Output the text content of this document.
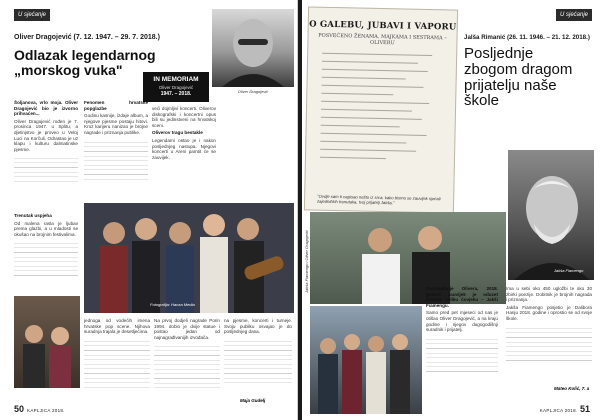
U sjećanje
Oliver Dragojević (7. 12. 1947. – 29. 7. 2018.)
Odlazak legendarnog
„morskog vuka"
Oliver Dragojević
IN MEMORIAM
Oliver Dragojević
1947. – 2018.

Šoljanova, vrlo moja. Oliver Dragojević bio je izvorno prihvaćen...

Oliver Dragojević rođen je 7. prosinca 1947. u Splitu, a djetinjstvo je proveo u Veloj Luci na Korčuli. Odrastao je uz klapu i kulturu dalmatinske pjesme.

Trenutak uspjeha

Od malena rasla je ljubav prema glazbi, a u mladosti se okušao na brojnim festivalima.

Fenomen hrvatske popglazbe

Godinu kasnije, izdaje album, a njegove pjesme postaju hitovi. Kroz karijeru nanizao je brojne nagrade i priznanja publike.

veći dojmljivi koncerti. Oliverov diskografski i koncertni opus bili su jedinstveni na hrvatskoj sceni.

Oliverov tragu bestakle

Legendarni ostao je i nakon posljednjeg nastupa. Njegovi koncerti u Areni pamtit će se zauvijek.

Fotografija: Hanza Media

jednoga od vodećih imena hrvatske pop scene. Njihova suradnja trajala je desetljećima.

Na prvoj dodjeli nagrade Porin 1994. dobio je dvije statue i postao jedan od najnagrađivanijih izvođača.

na pjesme, koncerti i turneje. Svoju publiku osvajao je do posljednjeg dana.

Maja Gudelj
50 KAPLJICA 2018.
O GALEBU, JUBAVI I VAPORU
POSVEĆENO ŽENAMA, MAJKAMA I SESTRAMA – OLIVERU
"Ovdje sam ti napisao nešto iz srca, kako bismo se zauvijek sjećali zajedničkih trenutaka, tvoj prijatelj Jakša."
U sjećanje
Jalša Rimanić (26. 11. 1946. – 21. 12. 2018.)
Posljednje
zbogom dragom
prijatelju naše
škole
Jakša Fiamengo
Jakša Fiamengo i Oliver Dragojević	Oslobađanje Olivera, 2018. godine zauvijek je oduzet jednom veliku čovjeku – Jakši Fiamengu.

Samo pred pet mjeseci od nas je otišao Oliver Dragojević, a na kraju godine i njegov dugogodišnji suradnik i prijatelj.

Ima u sebi oko 450 ugložbi te oko 30 zbirki poezije. Dobitnik je brojnih nagrada i priznanja.

Jakša Fiamengo posjetio je Dalibora Hanju 2018. godine i oprostio se od svoje škole.

Mateo Kolić, 7. a
KAPLJICA 2018. 51
